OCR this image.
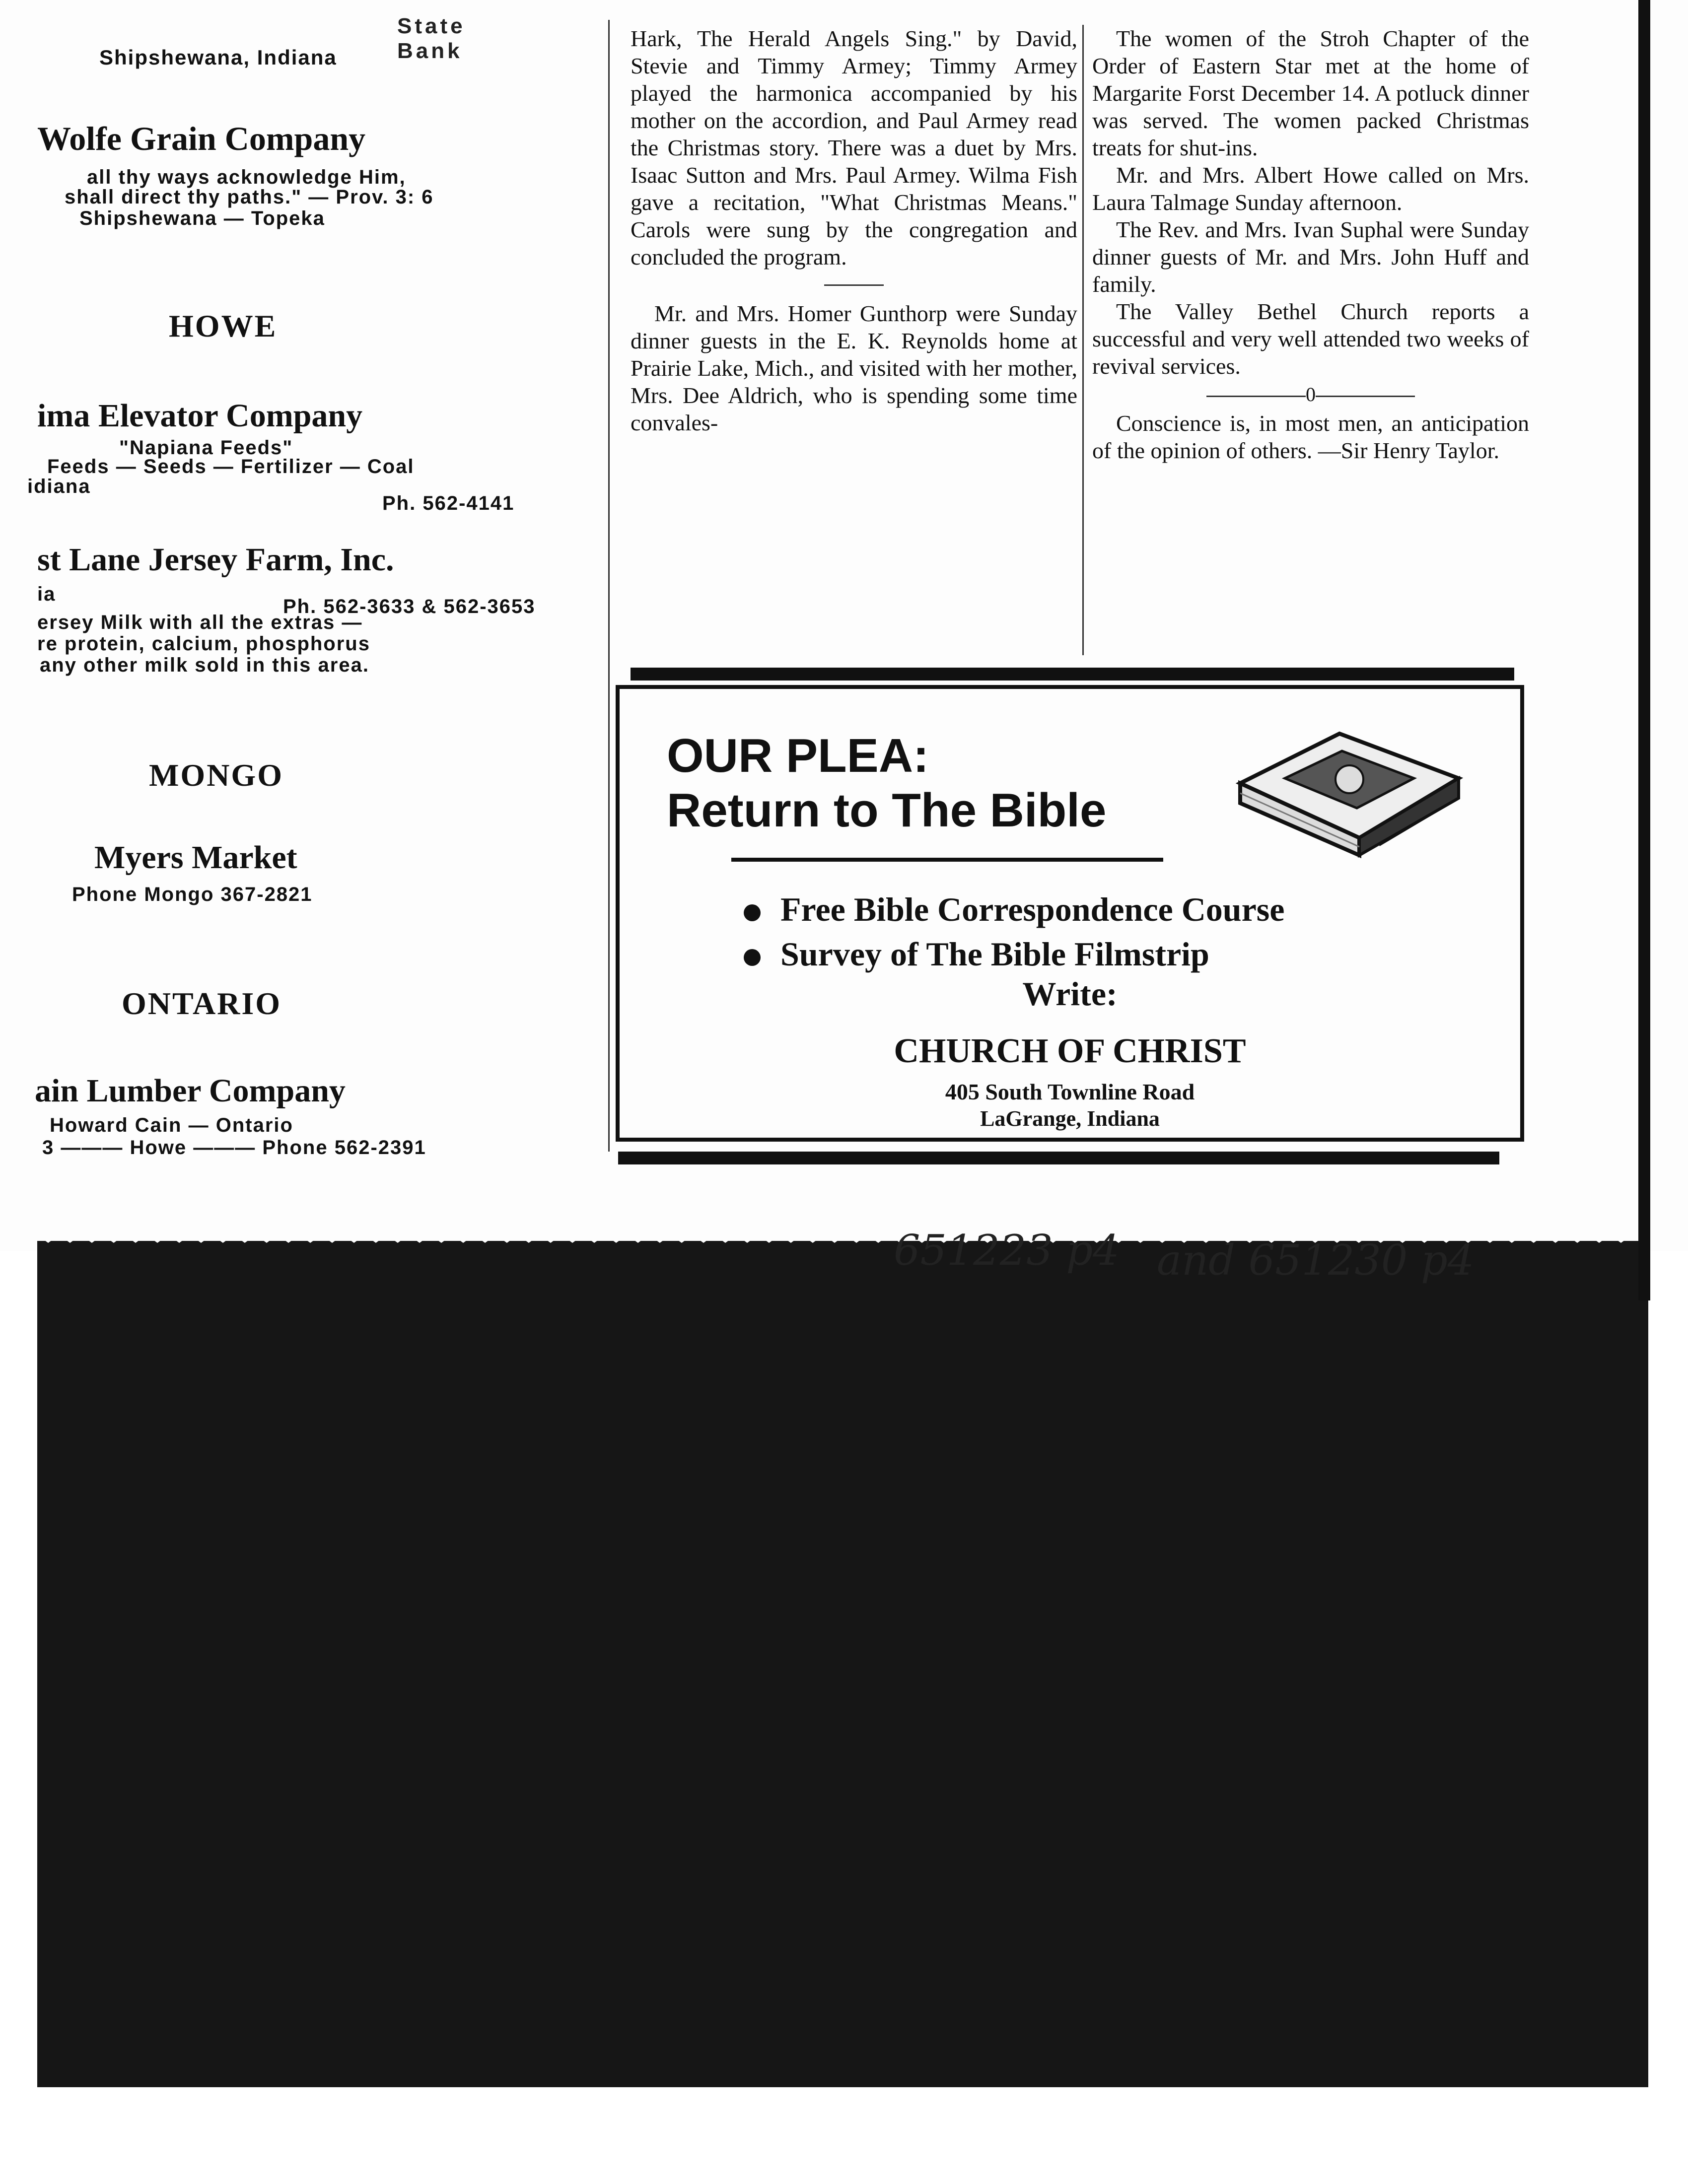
State Bank
Shipshewana, Indiana
Wolfe Grain Company
all thy ways acknowledge Him,
shall direct thy paths." — Prov. 3: 6
Shipshewana — Topeka
HOWE
ima Elevator Company
"Napiana Feeds"
Feeds — Seeds — Fertilizer — Coal
idiana
Ph. 562-4141
st Lane Jersey Farm, Inc.
ia
Ph. 562-3633 & 562-3653
ersey Milk with all the extras —
re protein, calcium, phosphorus
any other milk sold in this area.
MONGO
Myers Market
Phone Mongo 367-2821
ONTARIO
ain Lumber Company
Howard Cain — Ontario
3 ——— Howe ——— Phone 562-2391

Hark, The Herald Angels Sing." by David, Stevie and Timmy Armey; Timmy Armey played the harmonica accompanied by his mother on the accordion, and Paul Armey read the Christmas story. There was a duet by Mrs. Isaac Sutton and Mrs. Paul Armey. Wilma Fish gave a recitation, "What Christmas Means." Carols were sung by the congregation and concluded the program.

Mr. and Mrs. Homer Gunthorp were Sunday dinner guests in the E. K. Reynolds home at Prairie Lake, Mich., and visited with her mother, Mrs. Dee Aldrich, who is spending some time convales-

The women of the Stroh Chapter of the Order of Eastern Star met at the home of Margarite Forst December 14. A potluck dinner was served. The women packed Christmas treats for shut-ins.

Mr. and Mrs. Albert Howe called on Mrs. Laura Talmage Sunday afternoon.

The Rev. and Mrs. Ivan Suphal were Sunday dinner guests of Mr. and Mrs. John Huff and family.

The Valley Bethel Church reports a successful and very well attended two weeks of revival services.

0

Conscience is, in most men, an anticipation of the opinion of others. —Sir Henry Taylor.

OUR PLEA:
Return to The Bible
Free Bible Correspondence Course
Survey of The Bible Filmstrip
Write:
CHURCH OF CHRIST
405 South Townline Road
LaGrange, Indiana
651223 p4 and 651230 p4
